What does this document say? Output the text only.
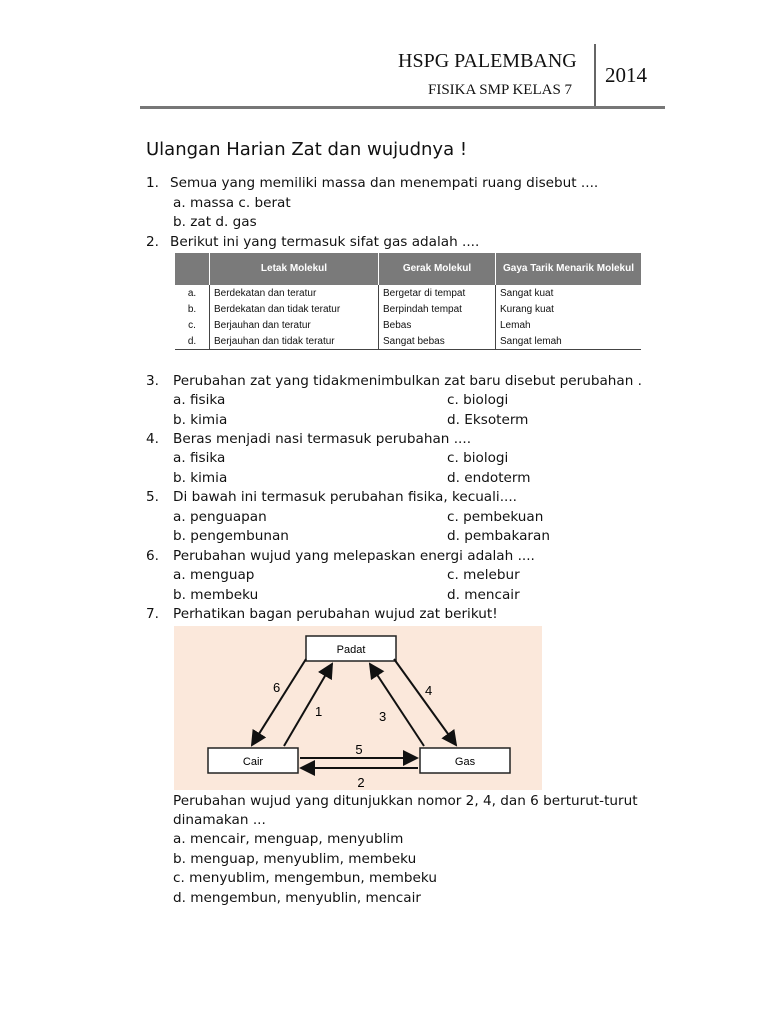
HSPG PALEMBANG
FISIKA SMP KELAS 7
2014
Ulangan Harian Zat dan wujudnya !
1. Semua yang memiliki massa dan menempati ruang disebut ....
a. massa c. berat
b. zat d. gas
2. Berikut ini yang termasuk sifat gas adalah ....
	Letak Molekul	Gerak Molekul	Gaya Tarik Menarik Molekul
a.	Berdekatan dan teratur	Bergetar di tempat	Sangat kuat
b.	Berdekatan dan tidak teratur	Berpindah tempat	Kurang kuat
c.	Berjauhan dan teratur	Bebas	Lemah
d.	Berjauhan dan tidak teratur	Sangat bebas	Sangat lemah
3. Perubahan zat yang tidakmenimbulkan zat baru disebut perubahan .
a. fisika	c. biologi
b. kimia	d. Eksoterm
4. Beras menjadi nasi termasuk perubahan ....
a. fisika	c. biologi
b. kimia	d. endoterm
5. Di bawah ini termasuk perubahan fisika, kecuali....
a. penguapan	c. pembekuan
b. pengembunan	d. pembakaran
6. Perubahan wujud yang melepaskan energi adalah ....
a. menguap	c. melebur
b. membeku	d. mencair
7. Perhatikan bagan perubahan wujud zat berikut!
Padat
Cair	Gas
6
1	3
4
5
2
Perubahan wujud yang ditunjukkan nomor 2, 4, dan 6 berturut-turut
dinamakan ...
a. mencair, menguap, menyublim
b. menguap, menyublim, membeku
c. menyublim, mengembun, membeku
d. mengembun, menyublin, mencair
